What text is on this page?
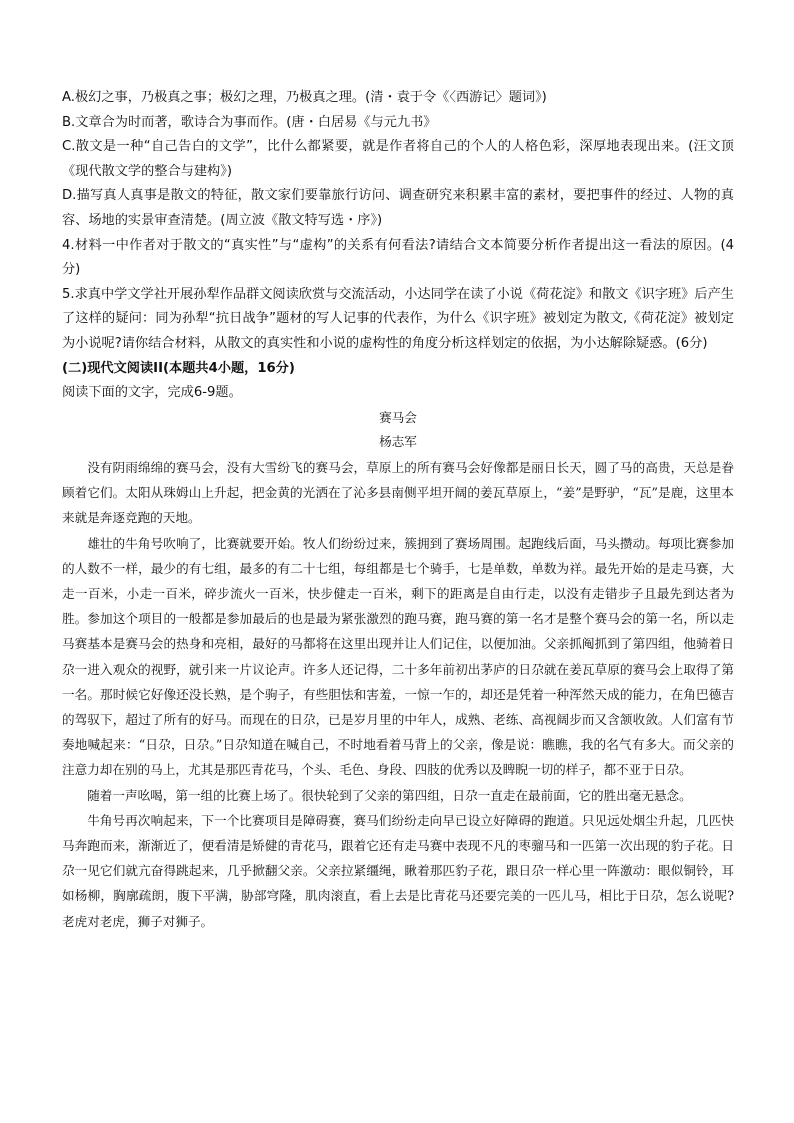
A.极幻之事，乃极真之事；极幻之理，乃极真之理。(清・袁于令《〈西游记〉题词》)

B.文章合为时而著，歌诗合为事而作。(唐・白居易《与元九书》

C.散文是一种“自己告白的文学”，比什么都紧要，就是作者将自己的个人的人格色彩，深厚地表现出来。(汪文顶《现代散文学的整合与建构》)

D.描写真人真事是散文的特征，散文家们要靠旅行访问、调查研究来积累丰富的素材，要把事件的经过、人物的真容、场地的实景审查清楚。(周立波《散文特写选・序》)

4.材料一中作者对于散文的“真实性”与“虚构”的关系有何看法?请结合文本简要分析作者提出这一看法的原因。(4分)

5.求真中学文学社开展孙犁作品群文阅读欣赏与交流活动，小达同学在读了小说《荷花淀》和散文《识字班》后产生了这样的疑问：同为孙犁“抗日战争”题材的写人记事的代表作，为什么《识字班》被划定为散文,《荷花淀》被划定为小说呢?请你结合材料，从散文的真实性和小说的虚构性的角度分析这样划定的依据，为小达解除疑惑。(6分)

(二)现代文阅读II(本题共4小题，16分)

阅读下面的文字，完成6-9题。

赛马会

杨志军

没有阴雨绵绵的赛马会，没有大雪纷飞的赛马会，草原上的所有赛马会好像都是丽日长天，圆了马的高贵，天总是眷顾着它们。太阳从珠姆山上升起，把金黄的光洒在了沁多县南侧平坦开阔的姜瓦草原上，“姜”是野驴，“瓦”是鹿，这里本来就是奔逐竞跑的天地。

雄壮的牛角号吹响了，比赛就要开始。牧人们纷纷过来，簇拥到了赛场周围。起跑线后面，马头攒动。每项比赛参加的人数不一样，最少的有七组，最多的有二十七组，每组都是七个骑手，七是单数，单数为祥。最先开始的是走马赛，大走一百米，小走一百米，碎步流火一百米，快步健走一百米，剩下的距离是自由行走，以没有走错步子且最先到达者为胜。参加这个项目的一般都是参加最后的也是最为紧张激烈的跑马赛，跑马赛的第一名才是整个赛马会的第一名，所以走马赛基本是赛马会的热身和亮相，最好的马都将在这里出现并让人们记住，以便加油。父亲抓阄抓到了第四组，他骑着日尕一进入观众的视野，就引来一片议论声。许多人还记得，二十多年前初出茅庐的日尕就在姜瓦草原的赛马会上取得了第一名。那时候它好像还没长熟，是个驹子，有些胆怯和害羞，一惊一乍的，却还是凭着一种浑然天成的能力，在角巴德吉的驾驭下，超过了所有的好马。而现在的日尕，已是岁月里的中年人，成熟、老练、高视阔步而又含颔收敛。人们富有节奏地喊起来：“日尕，日尕。”日尕知道在喊自己，不时地看着马背上的父亲，像是说：瞧瞧，我的名气有多大。而父亲的注意力却在别的马上，尤其是那匹青花马，个头、毛色、身段、四肢的优秀以及睥睨一切的样子，都不亚于日尕。

随着一声吆喝，第一组的比赛上场了。很快轮到了父亲的第四组，日尕一直走在最前面，它的胜出毫无悬念。

牛角号再次响起来，下一个比赛项目是障碍赛，赛马们纷纷走向早已设立好障碍的跑道。只见远处烟尘升起，几匹快马奔跑而来，渐渐近了，便看清是矫健的青花马，跟着它还有走马赛中表现不凡的枣骝马和一匹第一次出现的豹子花。日尕一见它们就亢奋得跳起来，几乎掀翻父亲。父亲拉紧缰绳，瞅着那匹豹子花，跟日尕一样心里一阵激动：眼似铜铃，耳如杨柳，胸廓疏朗，腹下平满，胁部穹隆，肌肉滚直，看上去是比青花马还要完美的一匹儿马，相比于日尕，怎么说呢?老虎对老虎，狮子对狮子。
